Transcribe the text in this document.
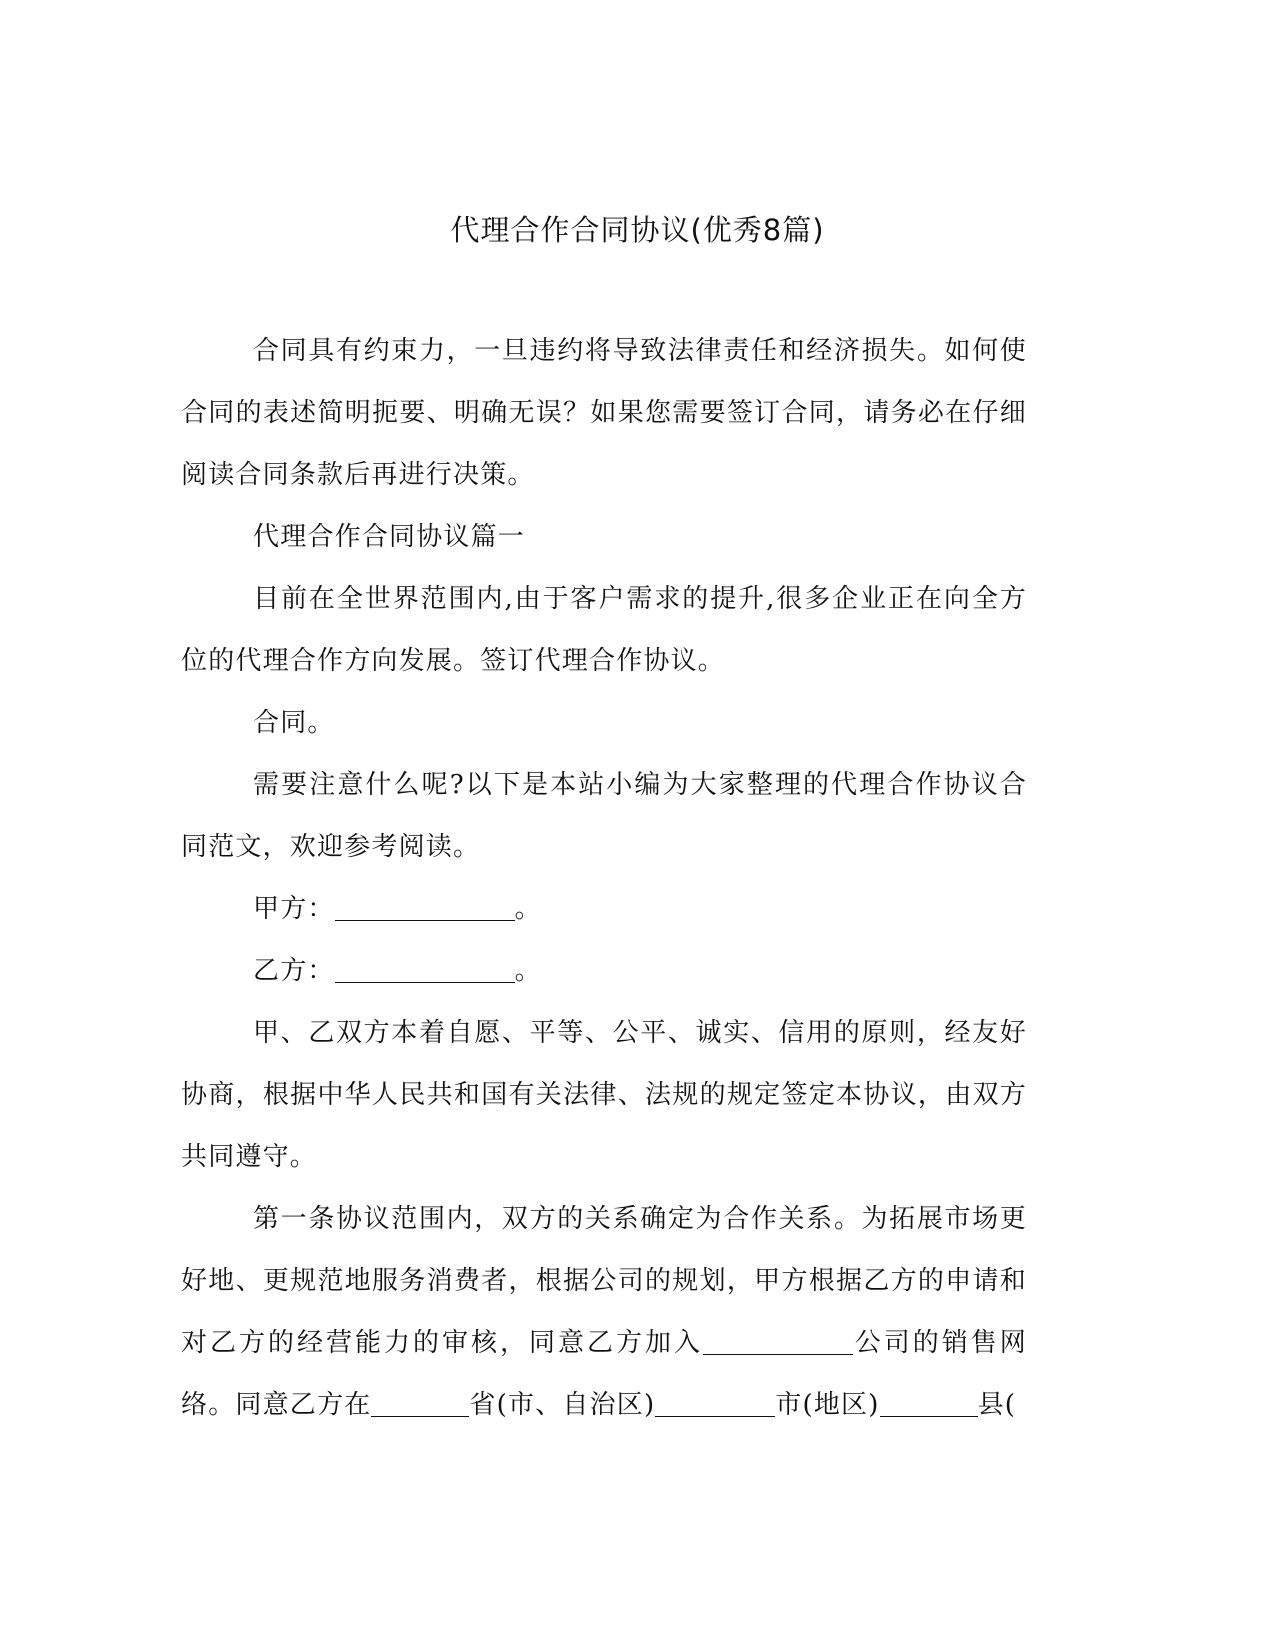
代理合作合同协议(优秀8篇)

合同具有约束力，一旦违约将导致法律责任和经济损失。如何使合同的表述简明扼要、明确无误？如果您需要签订合同，请务必在仔细阅读合同条款后再进行决策。

代理合作合同协议篇一

目前在全世界范围内,由于客户需求的提升,很多企业正在向全方位的代理合作方向发展。签订代理合作协议。

合同。

需要注意什么呢?以下是本站小编为大家整理的代理合作协议合同范文，欢迎参考阅读。

甲方：	。

乙方：	。

甲、乙双方本着自愿、平等、公平、诚实、信用的原则，经友好协商，根据中华人民共和国有关法律、法规的规定签定本协议，由双方共同遵守。

第一条协议范围内，双方的关系确定为合作关系。为拓展市场更好地、更规范地服务消费者，根据公司的规划，甲方根据乙方的申请和对乙方的经营能力的审核，同意乙方加入	公司的销售网络。同意乙方在	省(市、自治区)	市(地区)	县(
